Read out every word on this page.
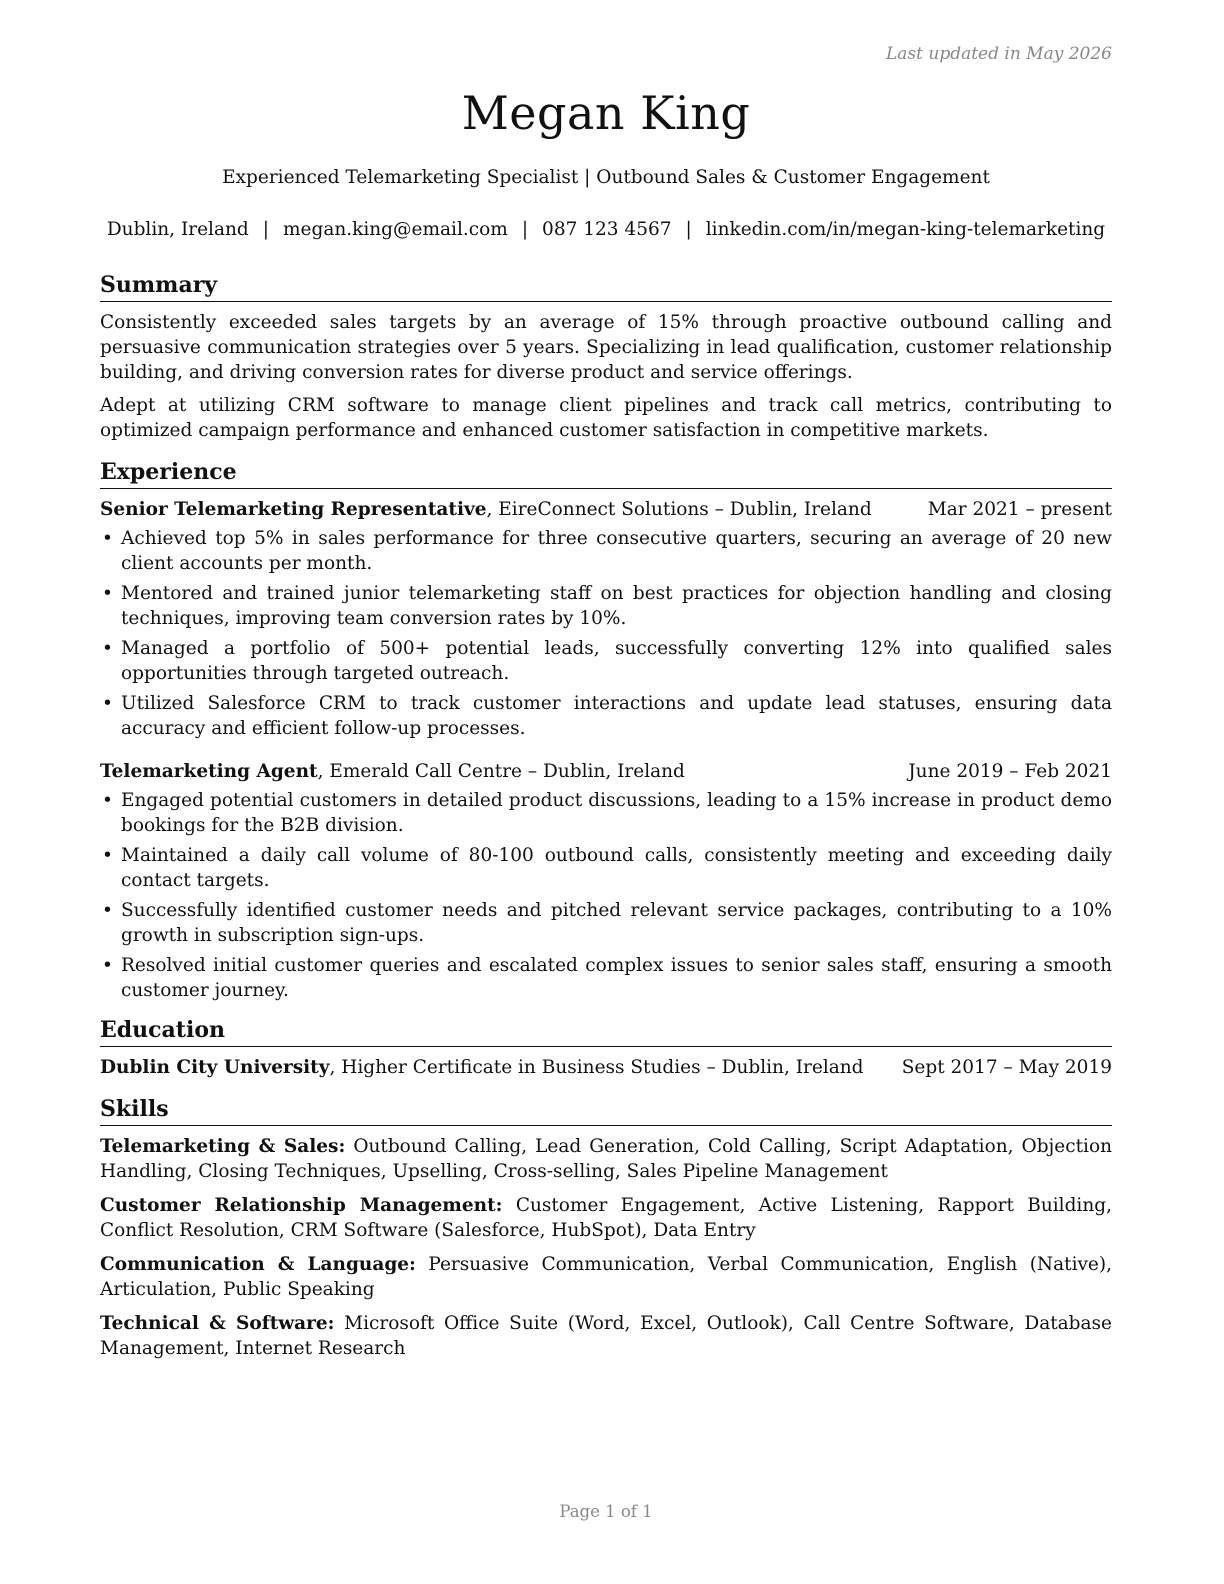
Last updated in May 2026
Megan King
Experienced Telemarketing Specialist | Outbound Sales & Customer Engagement
Dublin, Ireland | megan.king@email.com | 087 123 4567 | linkedin.com/in/megan-king-telemarketing
Summary

Consistently exceeded sales targets by an average of 15% through proactive outbound calling and persuasive communication strategies over 5 years. Specializing in lead qualification, customer relationship building, and driving conversion rates for diverse product and service offerings.

Adept at utilizing CRM software to manage client pipelines and track call metrics, contributing to optimized campaign performance and enhanced customer satisfaction in competitive markets.

Experience
Senior Telemarketing Representative, EireConnect Solutions – Dublin, Ireland	Mar 2021 – present
• Achieved top 5% in sales performance for three consecutive quarters, securing an average of 20 new client accounts per month.
• Mentored and trained junior telemarketing staff on best practices for objection handling and closing techniques, improving team conversion rates by 10%.
• Managed a portfolio of 500+ potential leads, successfully converting 12% into qualified sales opportunities through targeted outreach.
• Utilized Salesforce CRM to track customer interactions and update lead statuses, ensuring data accuracy and efficient follow-up processes.
Telemarketing Agent, Emerald Call Centre – Dublin, Ireland	June 2019 – Feb 2021
• Engaged potential customers in detailed product discussions, leading to a 15% increase in product demo bookings for the B2B division.
• Maintained a daily call volume of 80-100 outbound calls, consistently meeting and exceeding daily contact targets.
• Successfully identified customer needs and pitched relevant service packages, contributing to a 10% growth in subscription sign-ups.
• Resolved initial customer queries and escalated complex issues to senior sales staff, ensuring a smooth customer journey.
Education
Dublin City University, Higher Certificate in Business Studies – Dublin, Ireland Sept 2017 – May 2019
Skills

Telemarketing & Sales: Outbound Calling, Lead Generation, Cold Calling, Script Adaptation, Objection Handling, Closing Techniques, Upselling, Cross-selling, Sales Pipeline Management

Customer Relationship Management: Customer Engagement, Active Listening, Rapport Building, Conflict Resolution, CRM Software (Salesforce, HubSpot), Data Entry

Communication & Language: Persuasive Communication, Verbal Communication, English (Native), Articulation, Public Speaking

Technical & Software: Microsoft Office Suite (Word, Excel, Outlook), Call Centre Software, Database Management, Internet Research

Page 1 of 1
